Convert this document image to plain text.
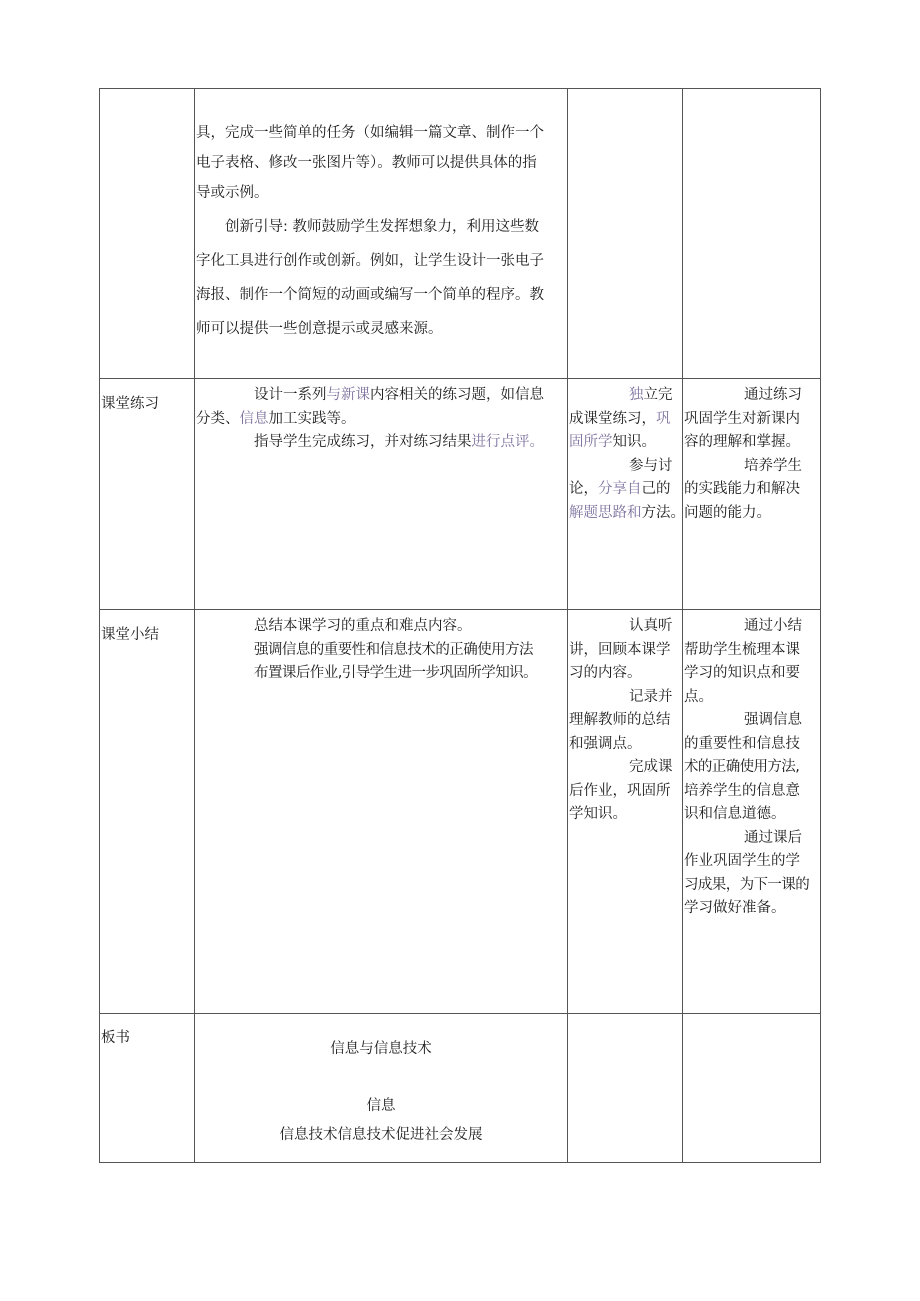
具，完成一些简单的任务（如编辑一篇文章、制作一个

电子表格、修改一张图片等）。教师可以提供具体的指

导或示例。

创新引导: 教师鼓励学生发挥想象力，利用这些数

字化工具进行创作或创新。例如，让学生设计一张电子

海报、制作一个简短的动画或编写一个简单的程序。教

师可以提供一些创意提示或灵感来源。

课堂练习

设计一系列与新课内容相关的练习题，如信息

分类、信息加工实践等。

指导学生完成练习，并对练习结果进行点评。

独立完

成课堂练习，巩

固所学知识。

参与讨

论，分享自己的

解题思路和方法。

通过练习

巩固学生对新课内

容的理解和掌握。

培养学生

的实践能力和解决

问题的能力。

课堂小结

总结本课学习的重点和难点内容。

强调信息的重要性和信息技术的正确使用方法

布置课后作业,引导学生进一步巩固所学知识。

认真听

讲，回顾本课学

习的内容。

记录并

理解教师的总结

和强调点。

完成课

后作业，巩固所

学知识。

通过小结

帮助学生梳理本课

学习的知识点和要

点。

强调信息

的重要性和信息技

术的正确使用方法,

培养学生的信息意

识和信息道德。

通过课后

作业巩固学生的学

习成果，为下一课的

学习做好准备。

板书
信息与信息技术
信息
信息技术信息技术促进社会发展
